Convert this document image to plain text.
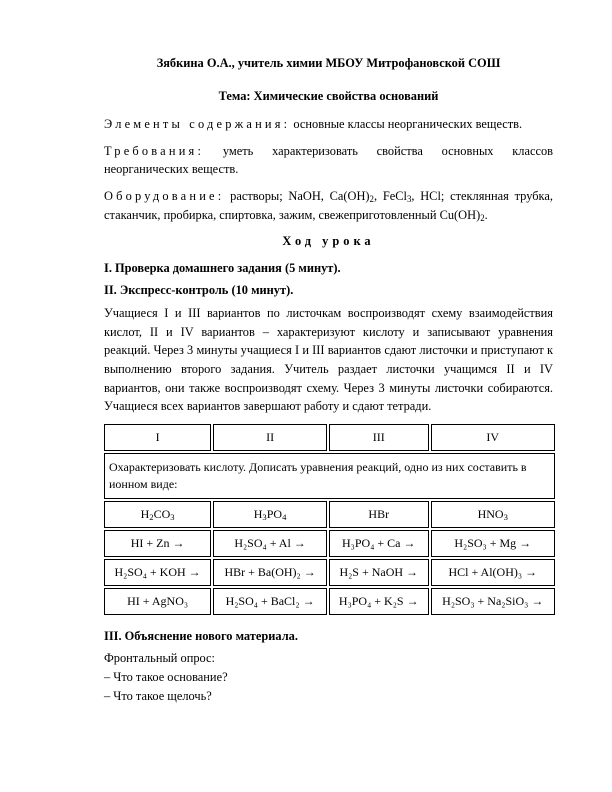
Зябкина О.А., учитель химии МБОУ Митрофановской СОШ

Тема: Химические свойства оснований

Элементы содержания: основные классы неорганических веществ.

Требования: уметь характеризовать свойства основных классов неорганических веществ.

Оборудование: растворы; NaOH, $Ca(OH)_2$, FeCl$_3$, HCl; стеклянная трубка, стаканчик, пробирка, спиртовка, зажим, свежеприготовленный $Cu(OH)_2$.

Ход урока

I. Проверка домашнего задания (5 минут).

II. Экспресс-контроль (10 минут).

Учащиеся I и III вариантов по листочкам воспроизводят схему взаимодействия кислот, II и IV вариантов – характеризуют кислоту и записывают уравнения реакций. Через 3 минуты учащиеся I и III вариантов сдают листочки и приступают к выполнению второго задания. Учитель раздает листочки учащимся II и IV вариантов, они также воспроизводят схему. Через 3 минуты листочки собираются. Учащиеся всех вариантов завершают работу и сдают тетради.

I	II	III	IV
Охарактеризовать кислоту. Дописать уравнения реакций, одно из них составить в ионном виде:			
$H_2CO_3$	$H_3PO_4$	HBr	$HNO_3$
HI + Zn →	H₂SO₄ + Al →	H₃PO₄ + Ca →	H₂SO₃ + Mg →
H₂SO₄ + KOH →	HBr + Ba(OH)₂ →	H₂S + NaOH →	HCl + Al(OH)₃ →
HI + AgNO₃	H₂SO₄ + BaCl₂ →	H₃PO₄ + K₂S →	H₂SO₃ + Na₂SiO₃ →

III. Объяснение нового материала.

Фронтальный опрос:

– Что такое основание?

– Что такое щелочь?
